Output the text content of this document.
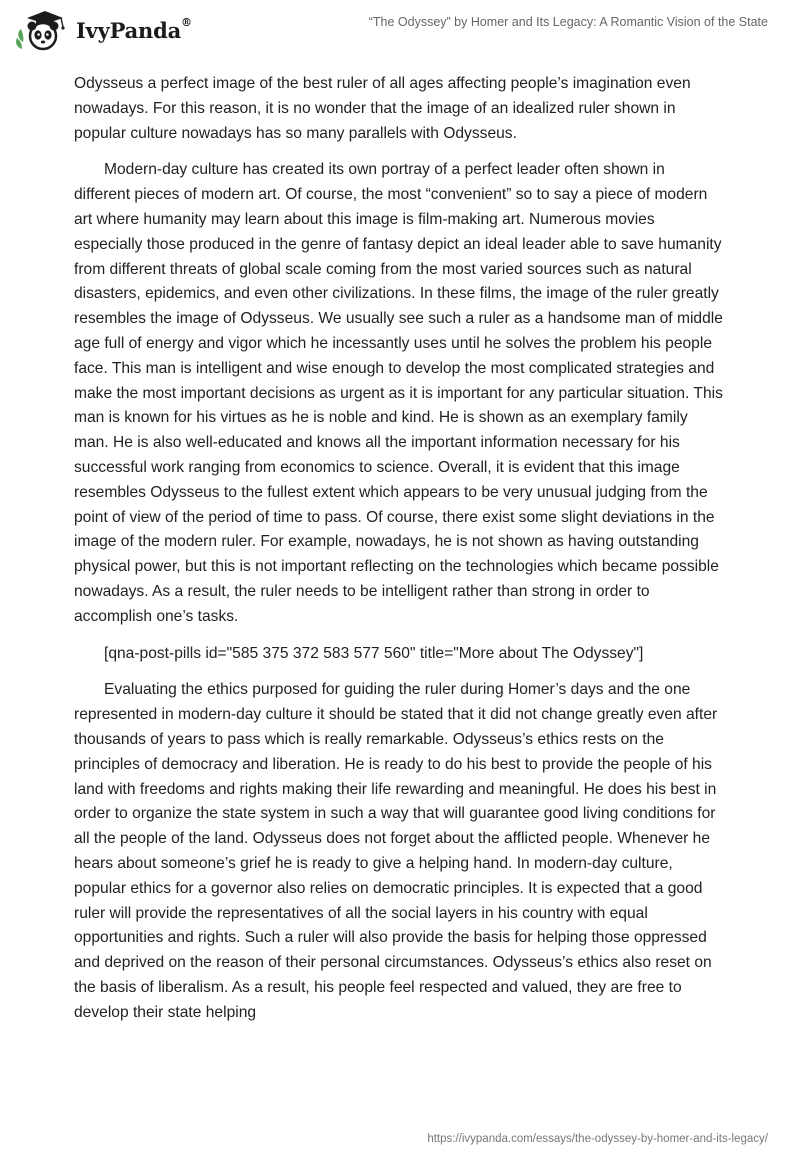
IvyPanda®	“The Odyssey” by Homer and Its Legacy: A Romantic Vision of the State

Odysseus a perfect image of the best ruler of all ages affecting people’s imagination even nowadays. For this reason, it is no wonder that the image of an idealized ruler shown in popular culture nowadays has so many parallels with Odysseus.

Modern-day culture has created its own portray of a perfect leader often shown in different pieces of modern art. Of course, the most “convenient” so to say a piece of modern art where humanity may learn about this image is film-making art. Numerous movies especially those produced in the genre of fantasy depict an ideal leader able to save humanity from different threats of global scale coming from the most varied sources such as natural disasters, epidemics, and even other civilizations. In these films, the image of the ruler greatly resembles the image of Odysseus. We usually see such a ruler as a handsome man of middle age full of energy and vigor which he incessantly uses until he solves the problem his people face. This man is intelligent and wise enough to develop the most complicated strategies and make the most important decisions as urgent as it is important for any particular situation. This man is known for his virtues as he is noble and kind. He is shown as an exemplary family man. He is also well-educated and knows all the important information necessary for his successful work ranging from economics to science. Overall, it is evident that this image resembles Odysseus to the fullest extent which appears to be very unusual judging from the point of view of the period of time to pass. Of course, there exist some slight deviations in the image of the modern ruler. For example, nowadays, he is not shown as having outstanding physical power, but this is not important reflecting on the technologies which became possible nowadays. As a result, the ruler needs to be intelligent rather than strong in order to accomplish one’s tasks.

[qna-post-pills id="585 375 372 583 577 560" title="More about The Odyssey"]

Evaluating the ethics purposed for guiding the ruler during Homer’s days and the one represented in modern-day culture it should be stated that it did not change greatly even after thousands of years to pass which is really remarkable. Odysseus’s ethics rests on the principles of democracy and liberation. He is ready to do his best to provide the people of his land with freedoms and rights making their life rewarding and meaningful. He does his best in order to organize the state system in such a way that will guarantee good living conditions for all the people of the land. Odysseus does not forget about the afflicted people. Whenever he hears about someone’s grief he is ready to give a helping hand. In modern-day culture, popular ethics for a governor also relies on democratic principles. It is expected that a good ruler will provide the representatives of all the social layers in his country with equal opportunities and rights. Such a ruler will also provide the basis for helping those oppressed and deprived on the reason of their personal circumstances. Odysseus’s ethics also reset on the basis of liberalism. As a result, his people feel respected and valued, they are free to develop their state helping

https://ivypanda.com/essays/the-odyssey-by-homer-and-its-legacy/
